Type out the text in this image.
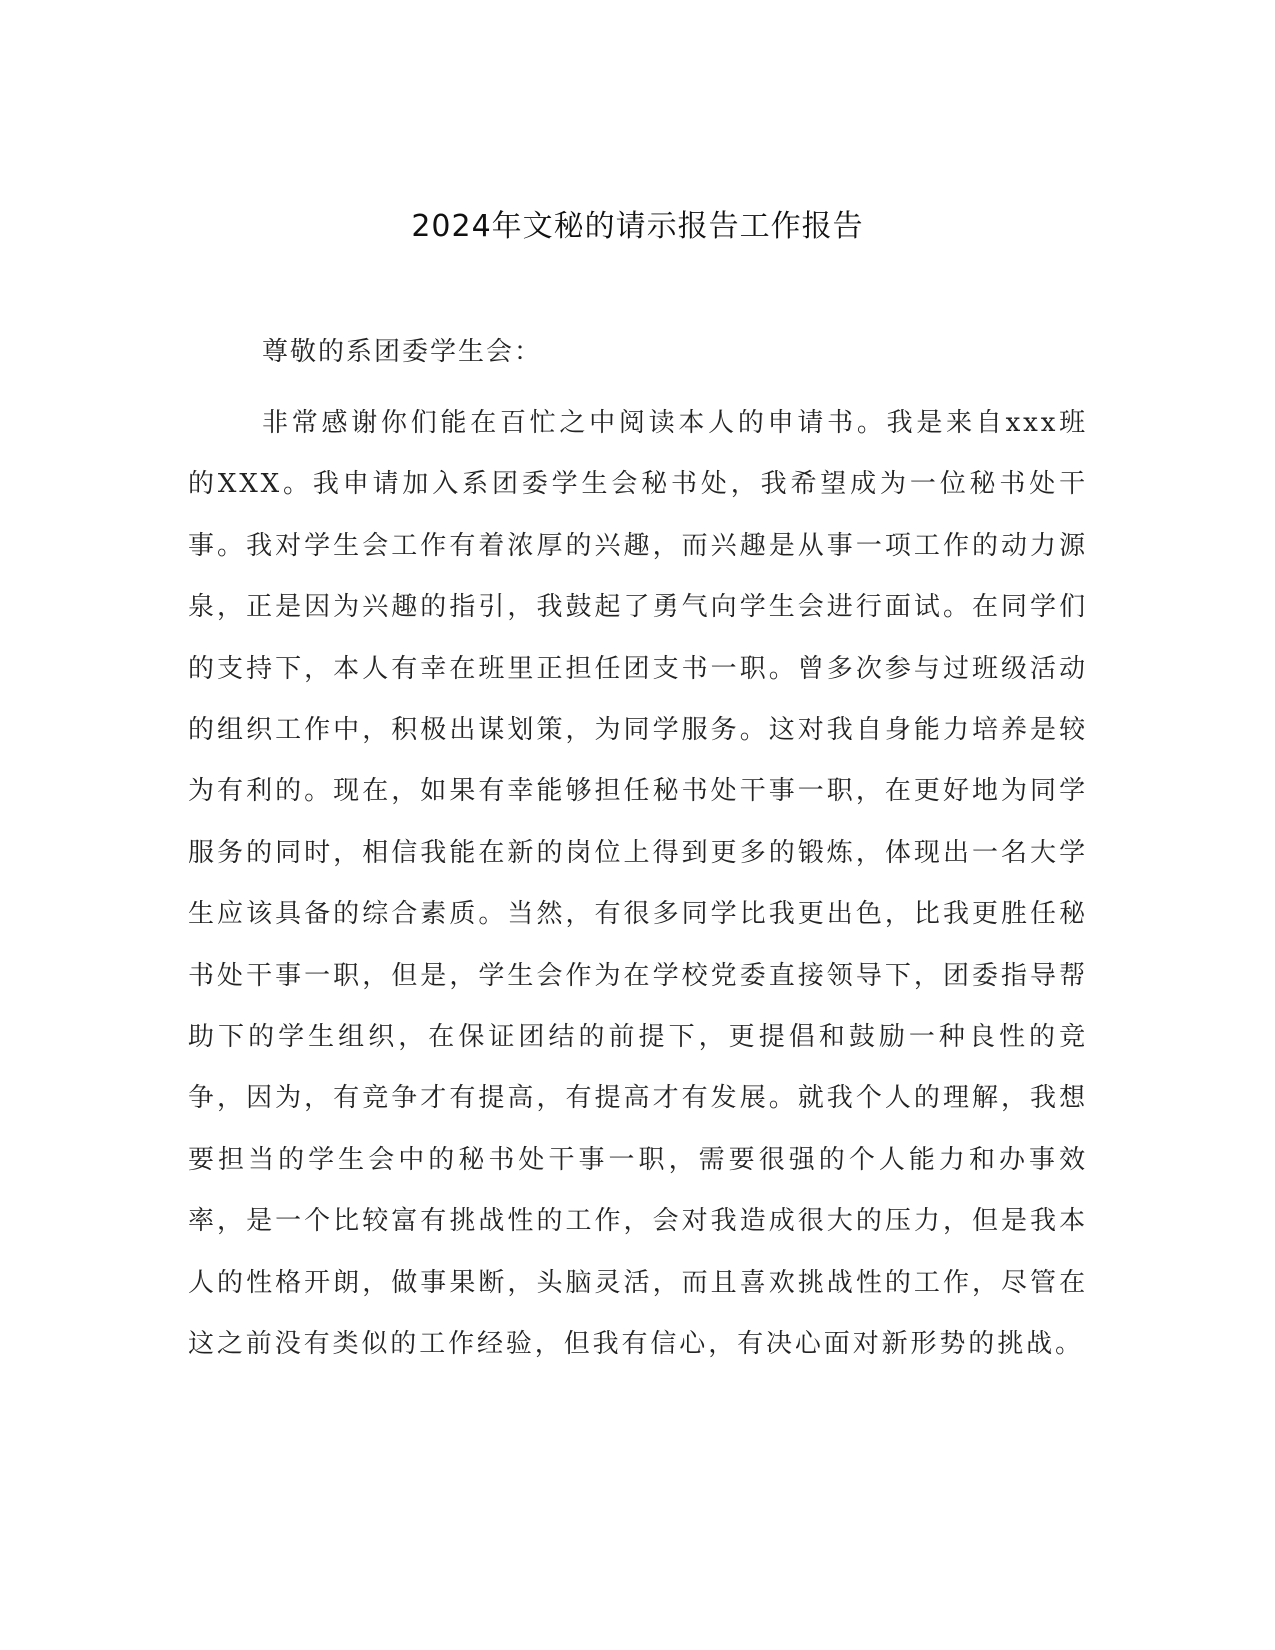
2024年文秘的请示报告工作报告

尊敬的系团委学生会：

非常感谢你们能在百忙之中阅读本人的申请书。我是来自xxx班的XXX。我申请加入系团委学生会秘书处，我希望成为一位秘书处干事。我对学生会工作有着浓厚的兴趣，而兴趣是从事一项工作的动力源泉，正是因为兴趣的指引，我鼓起了勇气向学生会进行面试。在同学们的支持下，本人有幸在班里正担任团支书一职。曾多次参与过班级活动的组织工作中，积极出谋划策，为同学服务。这对我自身能力培养是较为有利的。现在，如果有幸能够担任秘书处干事一职，在更好地为同学服务的同时，相信我能在新的岗位上得到更多的锻炼，体现出一名大学生应该具备的综合素质。当然，有很多同学比我更出色，比我更胜任秘书处干事一职，但是，学生会作为在学校党委直接领导下，团委指导帮助下的学生组织，在保证团结的前提下，更提倡和鼓励一种良性的竞争，因为，有竞争才有提高，有提高才有发展。就我个人的理解，我想要担当的学生会中的秘书处干事一职，需要很强的个人能力和办事效率，是一个比较富有挑战性的工作，会对我造成很大的压力，但是我本人的性格开朗，做事果断，头脑灵活，而且喜欢挑战性的工作，尽管在这之前没有类似的工作经验，但我有信心，有决心面对新形势的挑战。
